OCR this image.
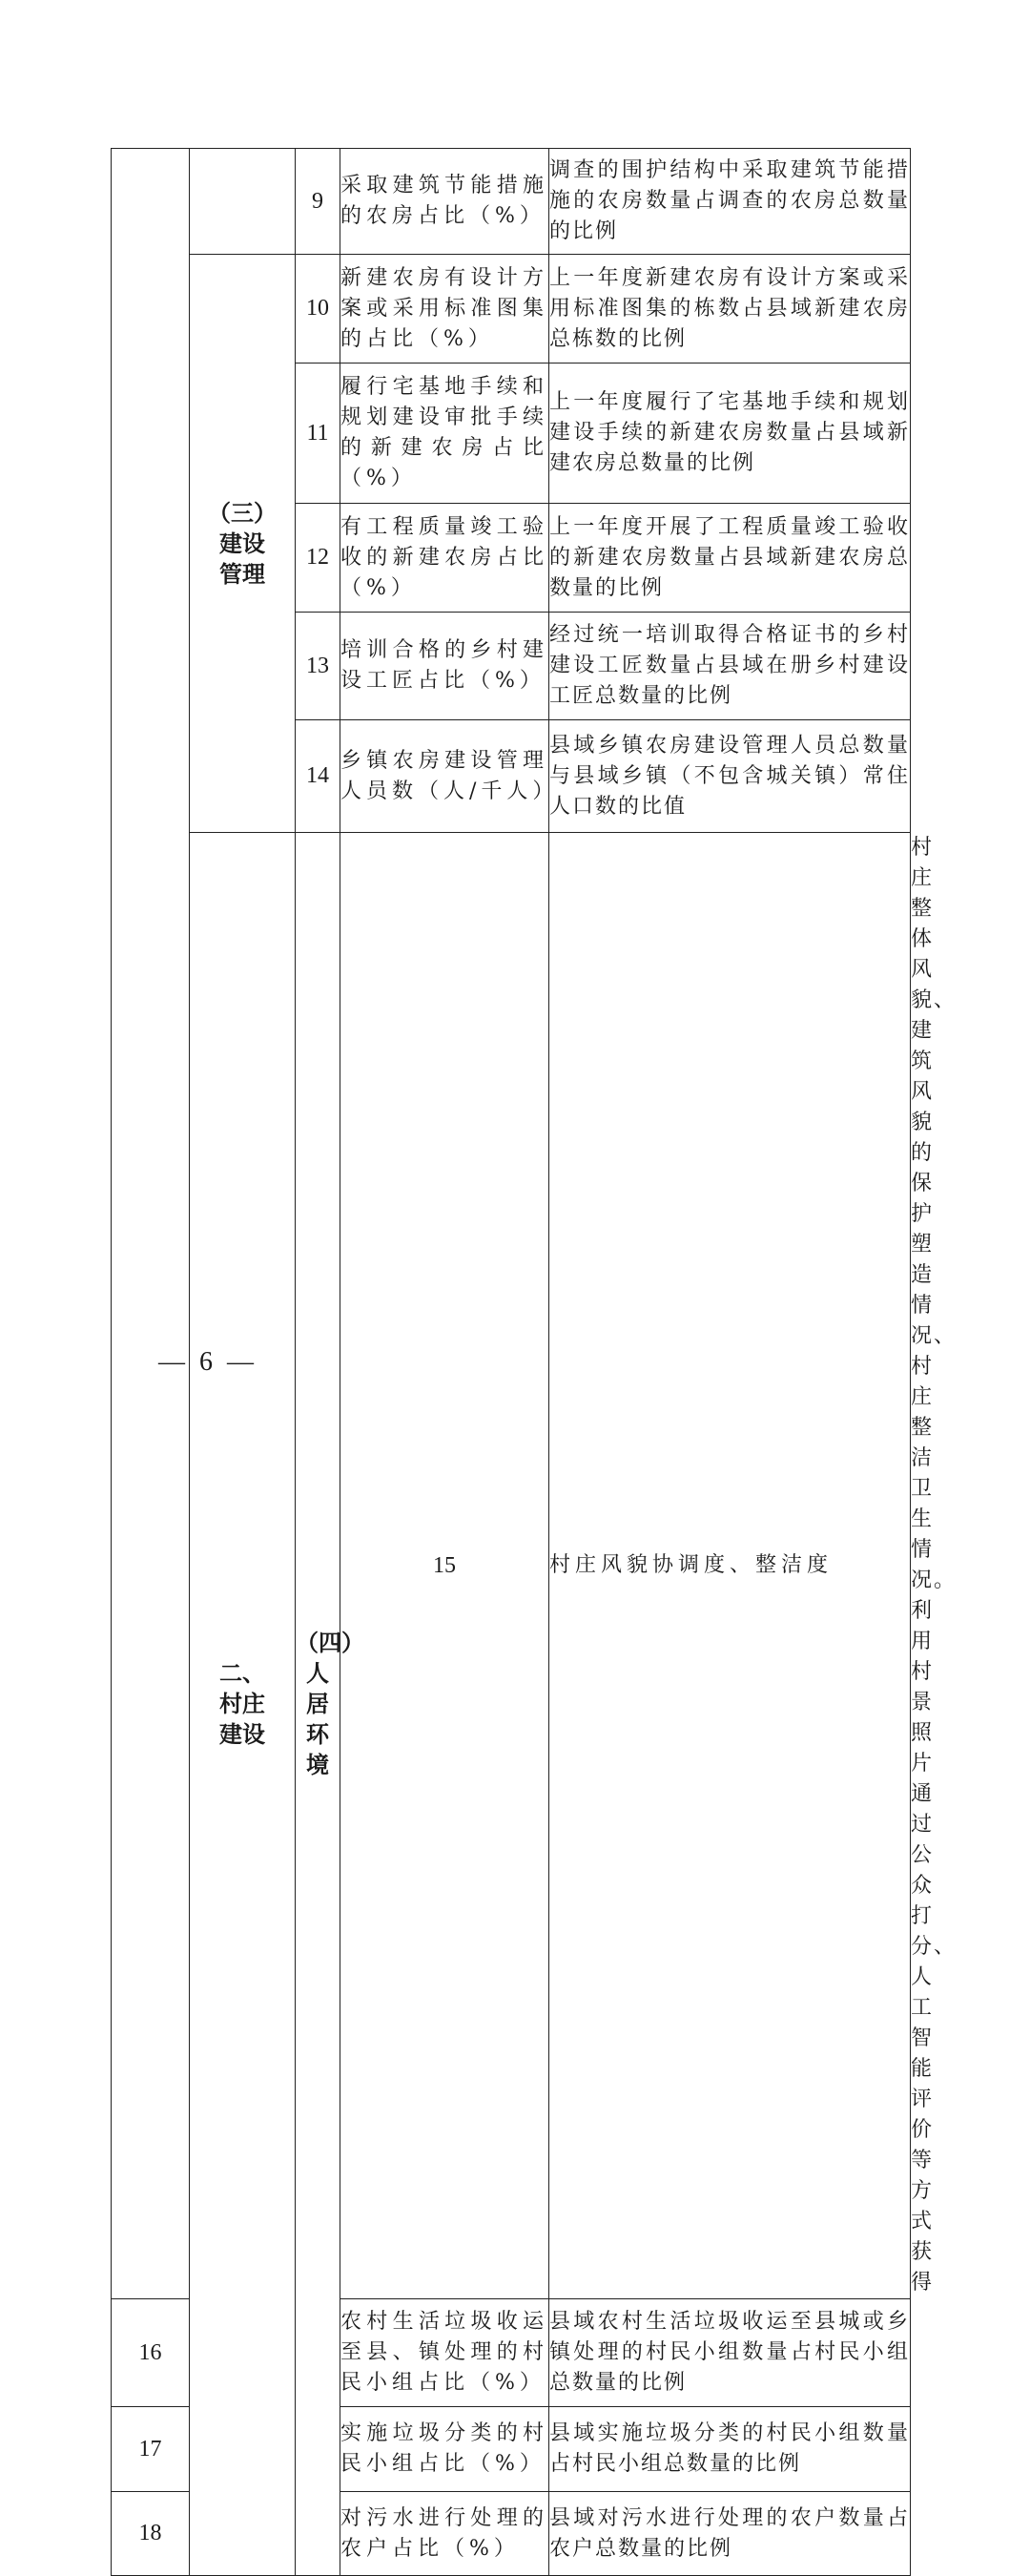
		9	采取建筑节能措施的农房占比（%）	调查的围护结构中采取建筑节能措施的农房数量占调查的农房总数量的比例	

	（三）
建设
管理	10	新建农房有设计方案或采用标准图集的占比（%）	上一年度新建农房有设计方案或采用标准图集的栋数占县域新建农房总栋数的比例	
		11	履行宅基地手续和规划建设审批手续的新建农房占比（%）	上一年度履行了宅基地手续和规划建设手续的新建农房数量占县域新建农房总数量的比例	
		12	有工程质量竣工验收的新建农房占比（%）	上一年度开展了工程质量竣工验收的新建农房数量占县域新建农房总数量的比例	
		13	培训合格的乡村建设工匠占比（%）	经过统一培训取得合格证书的乡村建设工匠数量占县域在册乡村建设工匠总数量的比例	
		14	乡镇农房建设管理人员数（人/千人）	县域乡镇农房建设管理人员总数量与县域乡镇（不包含城关镇）常住人口数的比值	

	二、
村庄
建设	（四）
人居
环境	15	村庄风貌协调度、整洁度	村庄整体风貌、建筑风貌的保护塑造情况、村庄整洁卫生情况。利用村景照片通过公众打分、人工智能评价等方式获得
16			农村生活垃圾收运至县、镇处理的村民小组占比（%）	县域农村生活垃圾收运至县城或乡镇处理的村民小组数量占村民小组总数量的比例	
17			实施垃圾分类的村民小组占比（%）	县域实施垃圾分类的村民小组数量占村民小组总数量的比例	
18			对污水进行处理的农户占比（%）	县域对污水进行处理的农户数量占农户总数量的比例	
— 6 —
